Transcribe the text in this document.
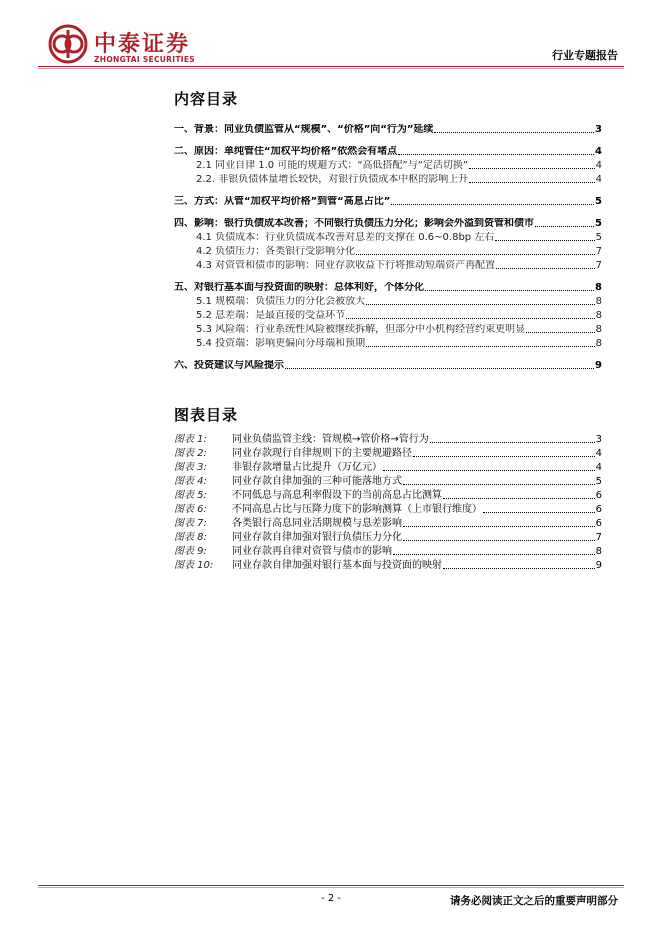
中泰证券
ZHONGTAI SECURITIES	行业专题报告
内容目录
一、背景：同业负债监管从“规模”、“价格”向“行为”延续	3
二、原因：单纯管住“加权平均价格”依然会有堵点	4
2.1 同业自律 1.0 可能的规避方式：“高低搭配”与“定活切换”	4
2.2. 非银负债体量增长较快，对银行负债成本中枢的影响上升	4
三、方式：从管“加权平均价格”到管“高息占比”	5
四、影响：银行负债成本改善；不同银行负债压力分化；影响会外溢到资管和债市	5
4.1 负债成本：行业负债成本改善对息差的支撑在 0.6~0.8bp 左右	5
4.2 负债压力：各类银行受影响分化	7
4.3 对资管和债市的影响：同业存款收益下行将推动短端资产再配置	7
五、对银行基本面与投资面的映射：总体利好，个体分化	8
5.1 规模端：负债压力的分化会被放大	8
5.2 息差端：是最直接的受益环节	8
5.3 风险端：行业系统性风险被继续拆解，但部分中小机构经营约束更明显	8
5.4 投资端：影响更偏向分母端和预期	8
六、投资建议与风险提示	9
图表目录
图表 1:	同业负债监管主线：管规模→管价格→管行为	3
图表 2:	同业存款现行自律规则下的主要规避路径	4
图表 3:	非银存款增量占比提升（万亿元）	4
图表 4:	同业存款自律加强的三种可能落地方式	5
图表 5:	不同低息与高息利率假设下的当前高息占比测算	6
图表 6:	不同高息占比与压降力度下的影响测算（上市银行维度）	6
图表 7:	各类银行高息同业活期规模与息差影响	6
图表 8:	同业存款自律加强对银行负债压力分化	7
图表 9:	同业存款再自律对资管与债市的影响	8
图表 10:	同业存款自律加强对银行基本面与投资面的映射	9
- 2 -	请务必阅读正文之后的重要声明部分
